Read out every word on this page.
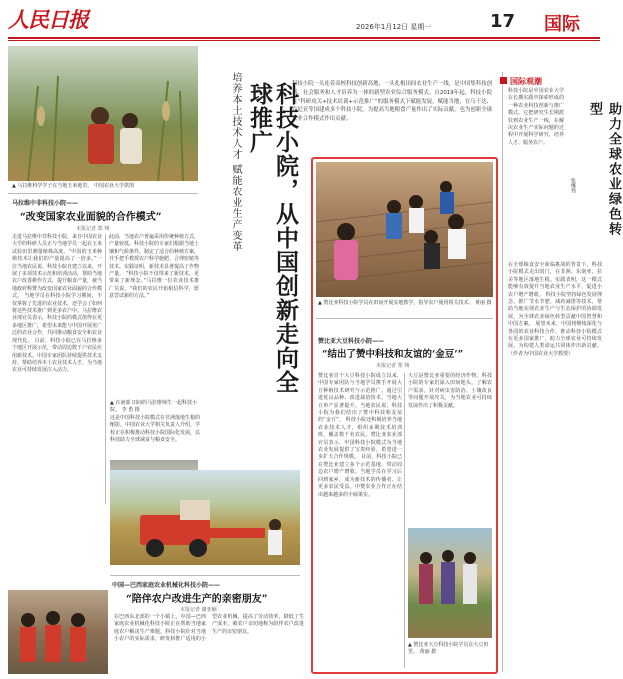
人民日报	2026年1月12日 星期一	17 国际
▲ 马拉维科学学子在当地玉米地里。 中国农业大学供图
马拉维中非科技小院——
“改变国家农业面貌的合作模式”
本报记者 郑 翔
走进马拉维中非科技小院，来自中国农业大学的科研人员正与当地学员一起在玉米试验田里测量植株高度。“中国的玉米种植技术让我们的产量提高了一倍多。”一位当地农民说。科技小院自建立以来，开展了多项技术示范和培训活动，帮助当地农户改善耕作方式，提升粮食产量，被当地政府称赞为改变国家农业面貌的合作模式。 当地学员在科技小院学习期间，不仅掌握了先进的农业技术，还学会了如何将这些技术推广到更多农户中。马拉维农业部官员表示，科技小院的模式值得在更多地区推广，希望未来能与中国开展更广泛的农业合作，共同推动粮食安全和农业现代化。 目前，科技小院已在马拉维多个地区开展示范，带动周边数千户农民应用新技术。中国专家团队持续提供技术支持，帮助培养本土农业技术人才，为当地农业可持续发展注入动力。
此前，当地农户普遍采用传统种植方式，产量较低。科技小院的专家们根据当地土壤和气候条件，制定了适合的种植方案，并手把手教授农户科学施肥、合理密植等技术。实践证明，新技术显著提高了作物产量。 “科技小院不仅带来了新技术，更带来了新理念。”马拉维一位农业技术推广员说，“我们的农民开始相信科学，愿意尝试新的方法。”
▲ 在南部 田间的马拉维师生一起科技小院。 李 勇 摄
这是中国科技小院模式在非洲落地生根的缩影。中国农业大学相关负责人介绍，学校正在积极推动科技小院国际化发展，以科技助力全球减贫与粮食安全。
中国—巴西家庭农业机械化科技小院——
“陪伴农户改进生产的亲密朋友”
本报记者 谢亚楠
在巴西东北部的一个小镇上，中国—巴西家庭农业机械化科技小院正在帮助当地家庭农户解决生产难题。科技小院针对当地小农户的实际需求，研发和推广适用的小型农业机械，提高了劳动效率，降低了生产成本，被农户亲切地称为陪伴农户改进生产的亲密朋友。
培养本土技术人才 赋能农业生产变革	科技小院，从中国创新走向全球推广	科技小院一头连着高校科技创新高地，一头扎根田间农业生产一线，是中国集科技创新、社会服务和人才培养为一体的新型农业综合服务模式。自2019年起，科技小院在“科研攻关+技术培训+示范推广”的服务模式下赋能发展，赋能当地，在乌干达、肯尼亚等国建成多个科技小院，为提高当地粮食产量作出了实际贡献，也为创新全球农业合作模式作出贡献。
▲ 赞比亚科技小院学员在田间开展实地教学，指导农户使用相关技术。 黄丽 摄
赞比亚大豆科技小院——
“结出了赞中科技和友谊的‘金豆’”
本报记者 郑 翔
赞比亚首个大豆科技小院成立以来，中国专家团队与当地学员携手开展大豆种植技术研究与示范推广。通过引进优良品种、改进栽培技术，当地大豆单产显著提升。当地农民说，科技小院为我们结出了赞中科技和友谊的“金豆”。 科技小院还积极培养当地农业技术人才，组织多期技术培训班，覆盖数千名农民。赞比亚农业部官员表示，中国科技小院模式为当地农业发展提供了宝贵经验，希望进一步扩大合作规模。 目前，科技小院已在赞比亚建立多个示范基地，带动周边农户增产增收。当地学员在学习后回到家乡，成为新技术的传播者，让更多农民受益。中赞农业合作正在结出越来越多的丰硕果实。
大豆是赞比亚重要的经济作物。科技小院的专家们深入田间地头，了解农户需求，针对病虫害防治、土壤改良等问题开展攻关，为当地农业可持续发展作出了积极贡献。
▲ 赞比亚大豆科技小院学员在大豆田里。 黄丽 摄
国际观潮
助力全球农业绿色转型
张继伟
科技小院是中国农业大学在长期实践中探索形成的一种农业科技创新与推广模式。它把研究生长期派驻到农业生产一线，在解决农业生产实际问题的过程中开展科学研究、培养人才、服务农户。
在全球粮食安全面临挑战的背景下，科技小院模式走出国门，在非洲、东南亚、拉美等地区落地生根。实践表明，这一模式能够有效提升当地农业生产水平，促进小农户增产增收。 科技小院坚持绿色发展理念，推广节水节肥、减药减排等技术，帮助当地实现农业生产与生态保护的协调发展，为全球农业绿色转型贡献中国智慧和中国方案。 展望未来，中国将继续深化与各国的农业科技合作，推动科技小院模式在更多国家推广，助力全球农业可持续发展，为构建人类命运共同体作出新贡献。 （作者为中国农业大学教授）
